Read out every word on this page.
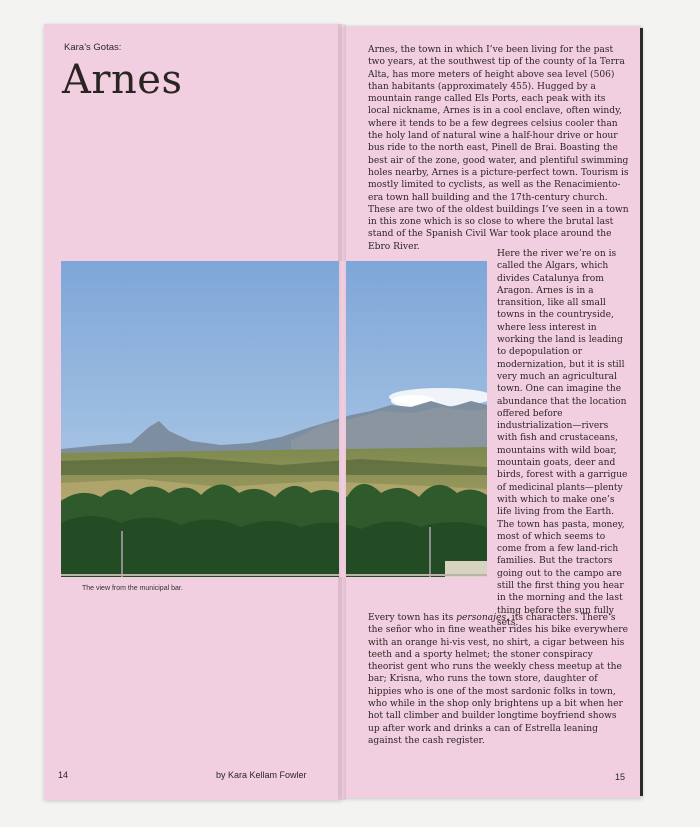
Kara’s Gotas:
Arnes
The view from the municipal bar.
Arnes, the town in which I’ve been living for the past two years, at the southwest tip of the county of la Terra Alta, has more meters of height above sea level (506) than habitants (approximately 455). Hugged by a mountain range called Els Ports, each peak with its local nickname, Arnes is in a cool enclave, often windy, where it tends to be a few degrees celsius cooler than the holy land of natural wine a half-hour drive or hour bus ride to the north east, Pinell de Brai. Boasting the best air of the zone, good water, and plentiful swimming holes nearby, Arnes is a picture-perfect town. Tourism is mostly limited to cyclists, as well as the Renacimiento-era town hall building and the 17th-century church. These are two of the oldest buildings I’ve seen in a town in this zone which is so close to where the brutal last stand of the Spanish Civil War took place around the Ebro River.
Here the river we’re on is called the Algars, which divides Catalunya from Aragon. Arnes is in a transition, like all small towns in the countryside, where less interest in working the land is leading to depopulation or modernization, but it is still very much an agricultural town. One can imagine the abundance that the location offered before industrialization—rivers with fish and crustaceans, mountains with wild boar, mountain goats, deer and birds, forest with a garrigue of medicinal plants—plenty with which to make one’s life living from the Earth. The town has pasta, money, most of which seems to come from a few land-rich families. But the tractors going out to the campo are still the first thing you hear in the morning and the last thing before the sun fully sets.
Every town has its personajes, its characters. There’s the señor who in fine weather rides his bike everywhere with an orange hi-vis vest, no shirt, a cigar between his teeth and a sporty helmet; the stoner conspiracy theorist gent who runs the weekly chess meetup at the bar; Krisna, who runs the town store, daughter of hippies who is one of the most sardonic folks in town, who while in the shop only brightens up a bit when her hot tall climber and builder longtime boyfriend shows up after work and drinks a can of Estrella leaning against the cash register.
14	by Kara Kellam Fowler	15
